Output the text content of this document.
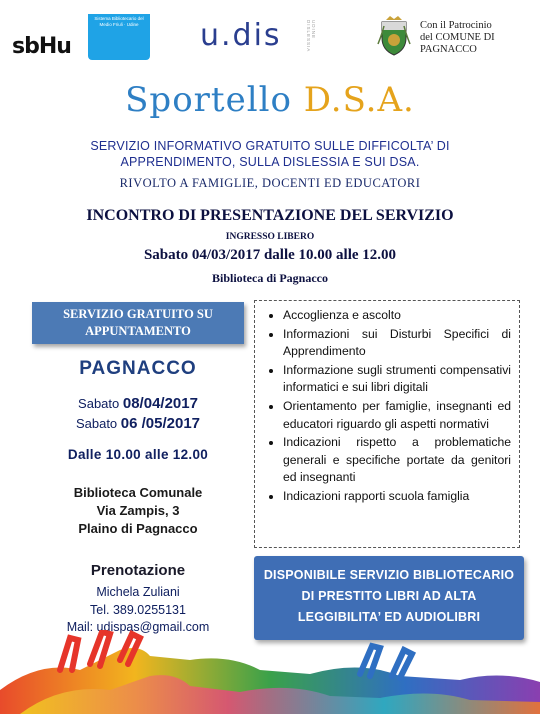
sbHu
Sistema Bibliotecario del Medio Friuli · Udine u.dis	UDINE DISLESSIA	Con il Patrocinio
del COMUNE DI
PAGNACCO
Sportello D.S.A.
SERVIZIO INFORMATIVO GRATUITO SULLE DIFFICOLTA’ DI
APPRENDIMENTO, SULLA DISLESSIA E SUI DSA.
RIVOLTO A FAMIGLIE, DOCENTI ED EDUCATORI
INCONTRO DI PRESENTAZIONE DEL SERVIZIO
INGRESSO LIBERO
Sabato 04/03/2017 dalle 10.00 alle 12.00
Biblioteca di Pagnacco
SERVIZIO GRATUITO SU
APPUNTAMENTO
PAGNACCO
Sabato 08/04/2017
Sabato 06 /05/2017
Dalle 10.00 alle 12.00
Biblioteca Comunale
Via Zampis, 3
Plaino di Pagnacco
Prenotazione
Michela Zuliani
Tel. 389.0255131
Mail: udispas@gmail.com
• Accoglienza e ascolto
• Informazioni sui Disturbi Specifici di Apprendimento
• Informazione sugli strumenti compensativi informatici e sui libri digitali
• Orientamento per famiglie, insegnanti ed educatori riguardo gli aspetti normativi
• Indicazioni rispetto a problematiche generali e specifiche portate da genitori ed insegnanti
• Indicazioni rapporti scuola famiglia
DISPONIBILE SERVIZIO BIBLIOTECARIO
DI PRESTITO LIBRI AD ALTA
LEGGIBILITA’ ED AUDIOLIBRI
